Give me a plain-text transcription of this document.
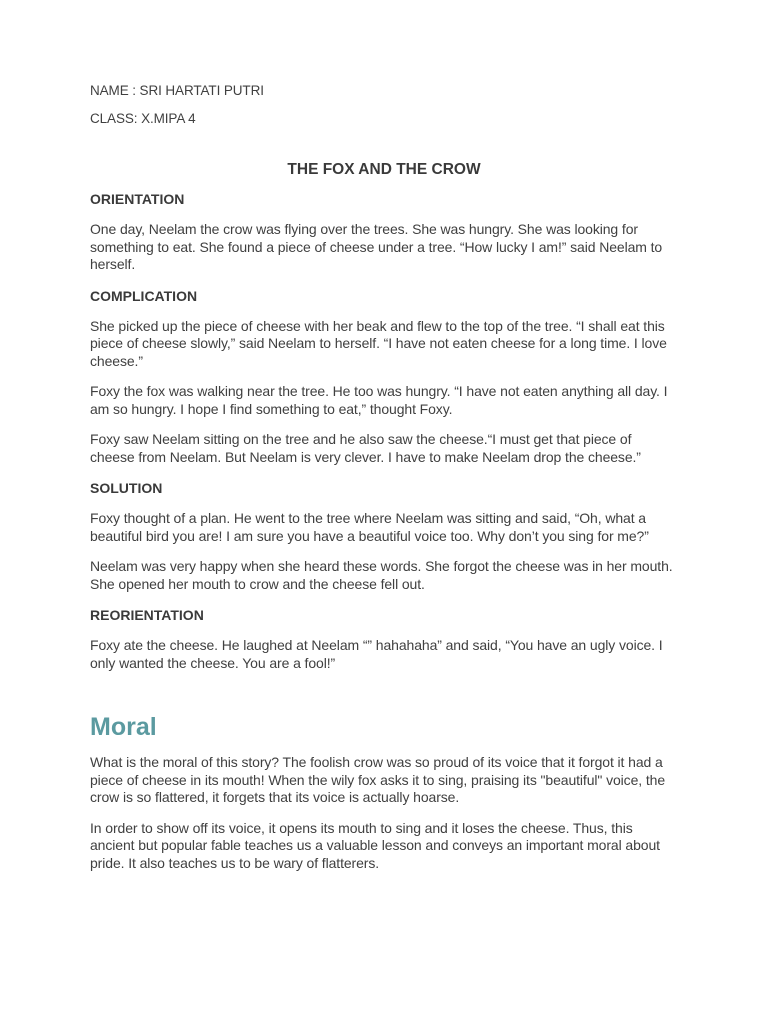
NAME : SRI HARTATI PUTRI

CLASS: X.MIPA 4

THE FOX AND THE CROW
ORIENTATION

One day, Neelam the crow was flying over the trees. She was hungry. She was looking for something to eat. She found a piece of cheese under a tree. “How lucky I am!” said Neelam to herself.

COMPLICATION

She picked up the piece of cheese with her beak and flew to the top of the tree. “I shall eat this piece of cheese slowly,” said Neelam to herself. “I have not eaten cheese for a long time. I love cheese.”

Foxy the fox was walking near the tree. He too was hungry. “I have not eaten anything all day. I am so hungry. I hope I find something to eat,” thought Foxy.

Foxy saw Neelam sitting on the tree and he also saw the cheese.“I must get that piece of cheese from Neelam. But Neelam is very clever. I have to make Neelam drop the cheese.”

SOLUTION

Foxy thought of a plan. He went to the tree where Neelam was sitting and said, “Oh, what a beautiful bird you are! I am sure you have a beautiful voice too. Why don’t you sing for me?”

Neelam was very happy when she heard these words. She forgot the cheese was in her mouth. She opened her mouth to crow and the cheese fell out.

REORIENTATION

Foxy ate the cheese. He laughed at Neelam “” hahahaha” and said, “You have an ugly voice. I only wanted the cheese. You are a fool!”

Moral

What is the moral of this story? The foolish crow was so proud of its voice that it forgot it had a piece of cheese in its mouth! When the wily fox asks it to sing, praising its "beautiful" voice, the crow is so flattered, it forgets that its voice is actually hoarse.

In order to show off its voice, it opens its mouth to sing and it loses the cheese. Thus, this ancient but popular fable teaches us a valuable lesson and conveys an important moral about pride. It also teaches us to be wary of flatterers.
